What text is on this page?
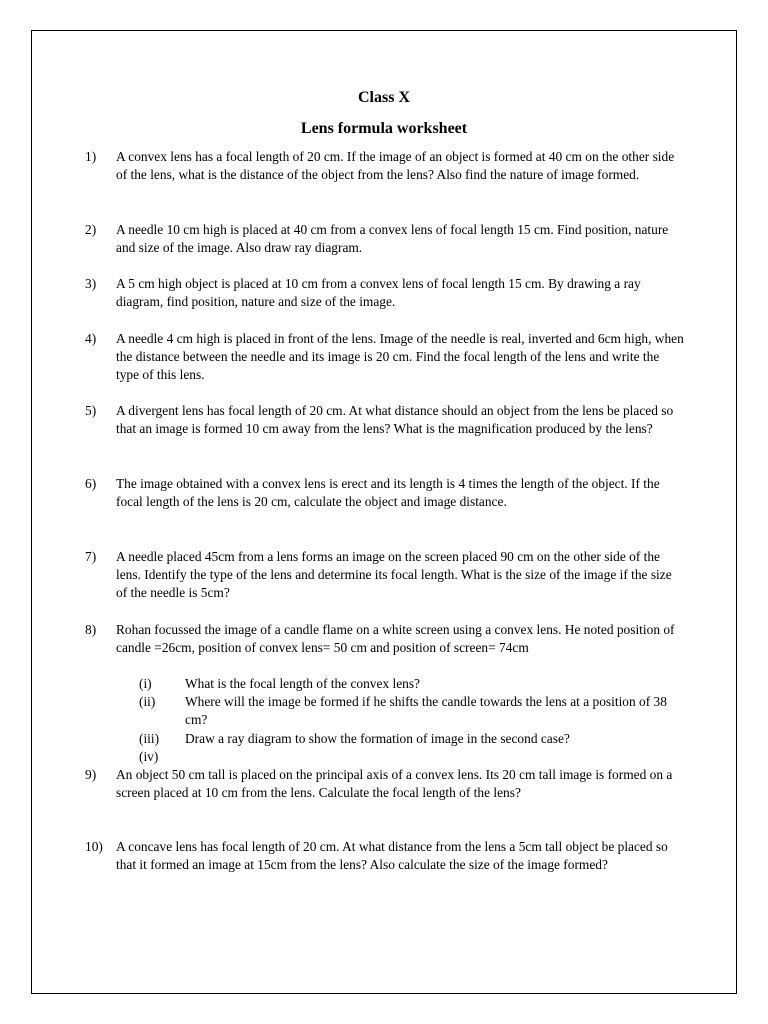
Class X
Lens formula worksheet
1) A convex lens has a focal length of 20 cm. If the image of an object is formed at 40 cm on the other side of the lens, what is the distance of the object from the lens? Also find the nature of image formed.
2) A needle 10 cm high is placed at 40 cm from a convex lens of focal length 15 cm. Find position, nature and size of the image. Also draw ray diagram.
3) A 5 cm high object is placed at 10 cm from a convex lens of focal length 15 cm. By drawing a ray diagram, find position, nature and size of the image.
4) A needle 4 cm high is placed in front of the lens. Image of the needle is real, inverted and 6cm high, when the distance between the needle and its image is 20 cm. Find the focal length of the lens and write the type of this lens.
5) A divergent lens has focal length of 20 cm. At what distance should an object from the lens be placed so that an image is formed 10 cm away from the lens? What is the magnification produced by the lens?
6) The image obtained with a convex lens is erect and its length is 4 times the length of the object. If the focal length of the lens is 20 cm, calculate the object and image distance.
7) A needle placed 45cm from a lens forms an image on the screen placed 90 cm on the other side of the lens. Identify the type of the lens and determine its focal length. What is the size of the image if the size of the needle is 5cm?
8) Rohan focussed the image of a candle flame on a white screen using a convex lens. He noted position of candle =26cm, position of convex lens= 50 cm and position of screen= 74cm
(i) What is the focal length of the convex lens?
(ii) Where will the image be formed if he shifts the candle towards the lens at a position of 38 cm?
(iii) Draw a ray diagram to show the formation of image in the second case?
(iv)
9) An object 50 cm tall is placed on the principal axis of a convex lens. Its 20 cm tall image is formed on a screen placed at 10 cm from the lens. Calculate the focal length of the lens?
10) A concave lens has focal length of 20 cm. At what distance from the lens a 5cm tall object be placed so that it formed an image at 15cm from the lens? Also calculate the size of the image formed?
